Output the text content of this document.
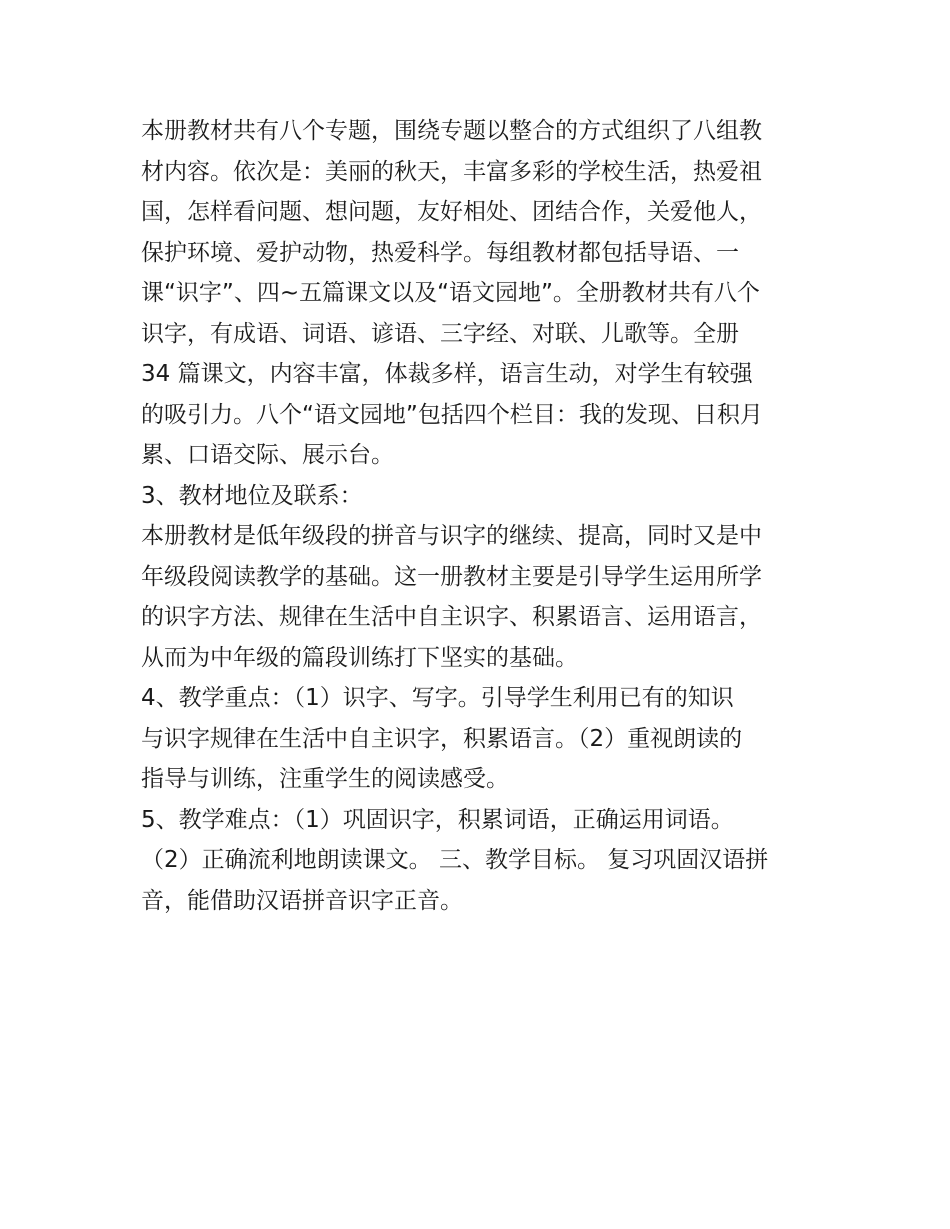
本册教材共有八个专题，围绕专题以整合的方式组织了八组教
材内容。依次是：美丽的秋天，丰富多彩的学校生活，热爱祖
国，怎样看问题、想问题，友好相处、团结合作，关爱他人，
保护环境、爱护动物，热爱科学。每组教材都包括导语、一
课“识字”、四~五篇课文以及“语文园地”。全册教材共有八个
识字，有成语、词语、谚语、三字经、对联、儿歌等。全册
34 篇课文，内容丰富，体裁多样，语言生动，对学生有较强
的吸引力。八个“语文园地”包括四个栏目：我的发现、日积月
累、口语交际、展示台。
3、教材地位及联系：
本册教材是低年级段的拼音与识字的继续、提高，同时又是中
年级段阅读教学的基础。这一册教材主要是引导学生运用所学
的识字方法、规律在生活中自主识字、积累语言、运用语言，
从而为中年级的篇段训练打下坚实的基础。
4、教学重点：（1）识字、写字。引导学生利用已有的知识
与识字规律在生活中自主识字，积累语言。（2）重视朗读的
指导与训练，注重学生的阅读感受。
5、教学难点：（1）巩固识字，积累词语，正确运用词语。
（2）正确流利地朗读课文。 三、教学目标。 复习巩固汉语拼
音，能借助汉语拼音识字正音。
